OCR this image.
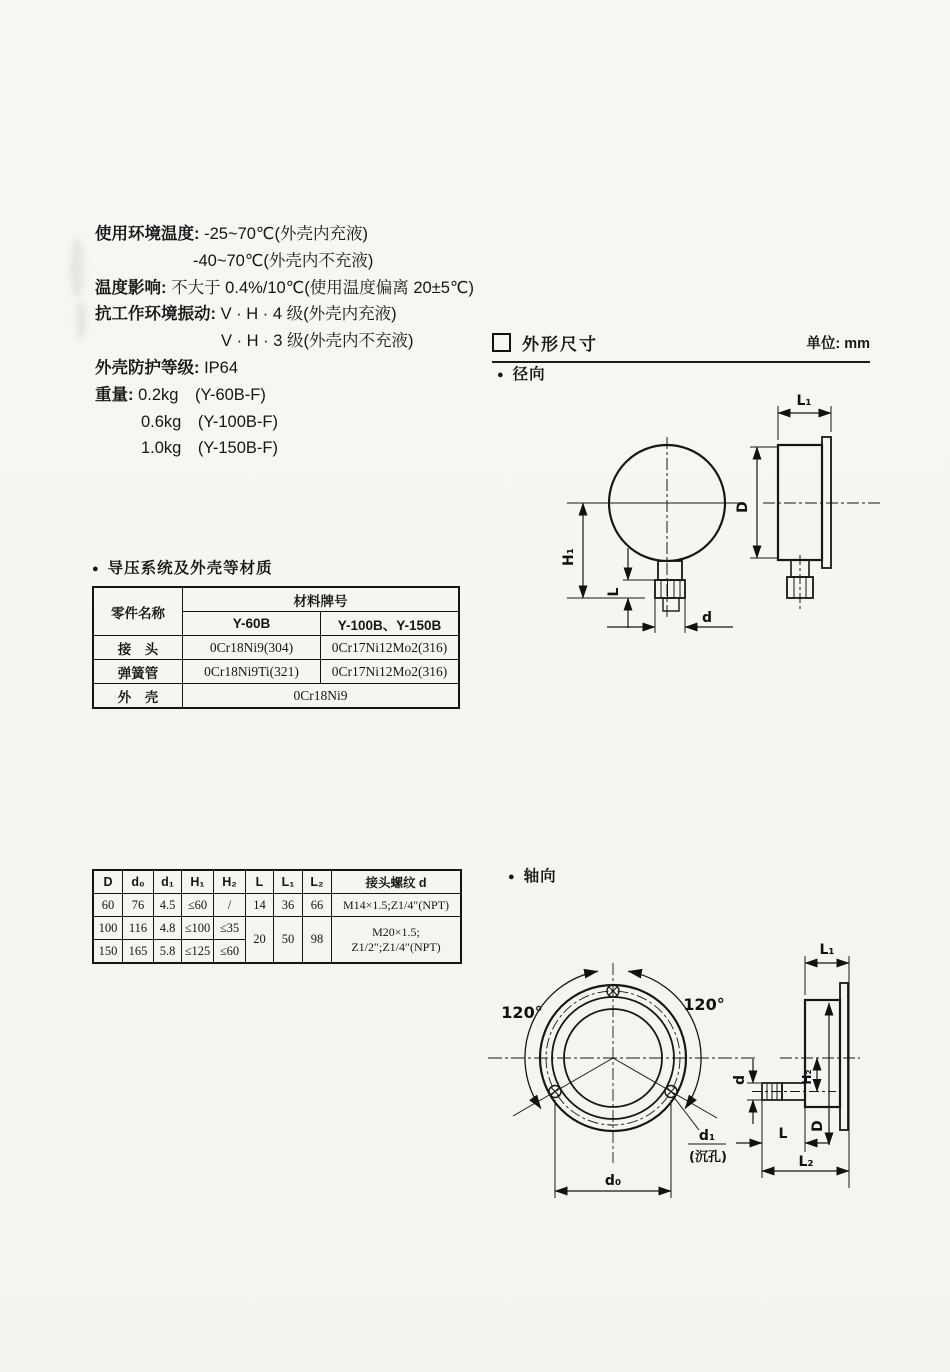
使用环境温度: -25~70℃(外壳内充液)
-40~70℃(外壳内不充液)
温度影响: 不大于 0.4%/10℃(使用温度偏离 20±5℃)
抗工作环境振动: V · H · 4 级(外壳内充液)
V · H · 3 级(外壳内不充液)
外壳防护等级: IP64
重量: 0.2kg　(Y-60B-F)
0.6kg　(Y-100B-F)
1.0kg　(Y-150B-F)
外形尺寸	单位: mm
● 径向
H₁
L
d
L₁
D
● 导压系统及外壳等材质
零件名称	材料牌号	
	Y-60B	Y-100B、Y-150B
接　头	0Cr18Ni9(304)	0Cr17Ni12Mo2(316)
弹簧管	0Cr18Ni9Ti(321)	0Cr17Ni12Mo2(316)
外　壳	0Cr18Ni9	
D	d₀	d₁	H₁	H₂	L	L₁	L₂	接头螺纹 d
60	76	4.5	≤60	/	14	36	66	M14×1.5;Z1/4″(NPT)
100	116	4.8	≤100	≤35	20	50	98	M20×1.5;
Z1/2″;Z1/4″(NPT)

150	165	5.8	≤125	≤60				
● 轴向
120°	120°
d₀
d₁
(沉孔)
L₁
H₂
d
L D
L₂
